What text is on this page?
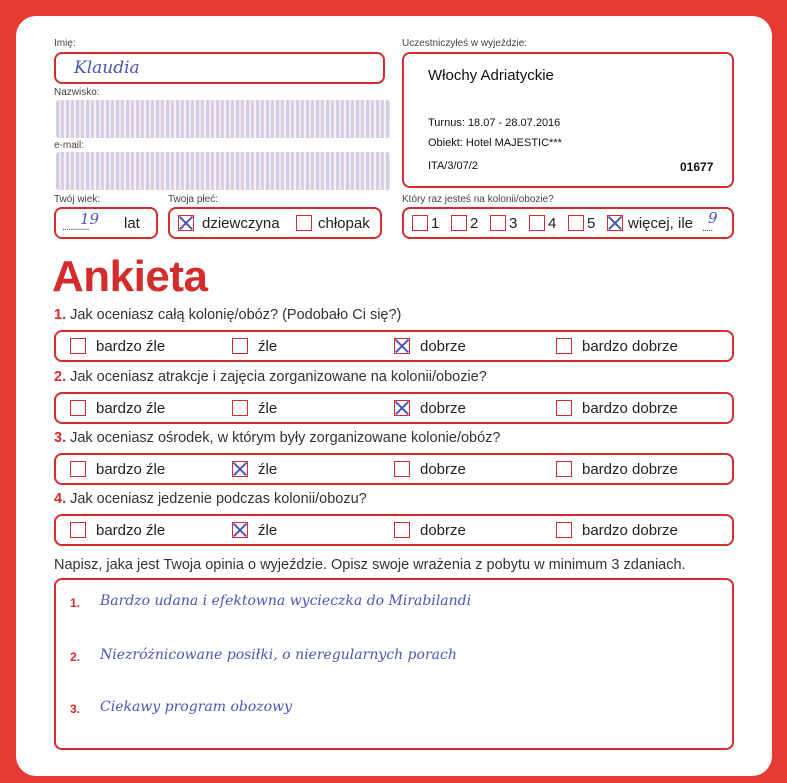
Imię:
Klaudia
Nazwisko:
e-mail:
Twój wiek:
.............
19 lat
Twoja płeć:
dziewczyna	chłopak
Uczestniczyłeś w wyjeździe:
Włochy Adriatyckie
Turnus: 18.07 - 28.07.2016
Obiekt: Hotel MAJESTIC***
ITA/3/07/2	01677
Który raz jesteś na kolonii/obozie?
1 2 3 4 5 więcej, ile .....
9
Ankieta
1. Jak oceniasz całą kolonię/obóz? (Podobało Ci się?)
bardzo źle	źle	dobrze	bardzo dobrze
2. Jak oceniasz atrakcje i zajęcia zorganizowane na kolonii/obozie?
bardzo źle	źle	dobrze	bardzo dobrze
3. Jak oceniasz ośrodek, w którym były zorganizowane kolonie/obóz?
bardzo źle	źle	dobrze	bardzo dobrze
4. Jak oceniasz jedzenie podczas kolonii/obozu?
bardzo źle	źle	dobrze	bardzo dobrze
Napisz, jaka jest Twoja opinia o wyjeździe. Opisz swoje wrażenia z pobytu w minimum 3 zdaniach.
1. Bardzo udana i efektowna wycieczka do Mirabilandi
2. Niezróżnicowane posiłki, o nieregularnych porach
3. Ciekawy program obozowy
